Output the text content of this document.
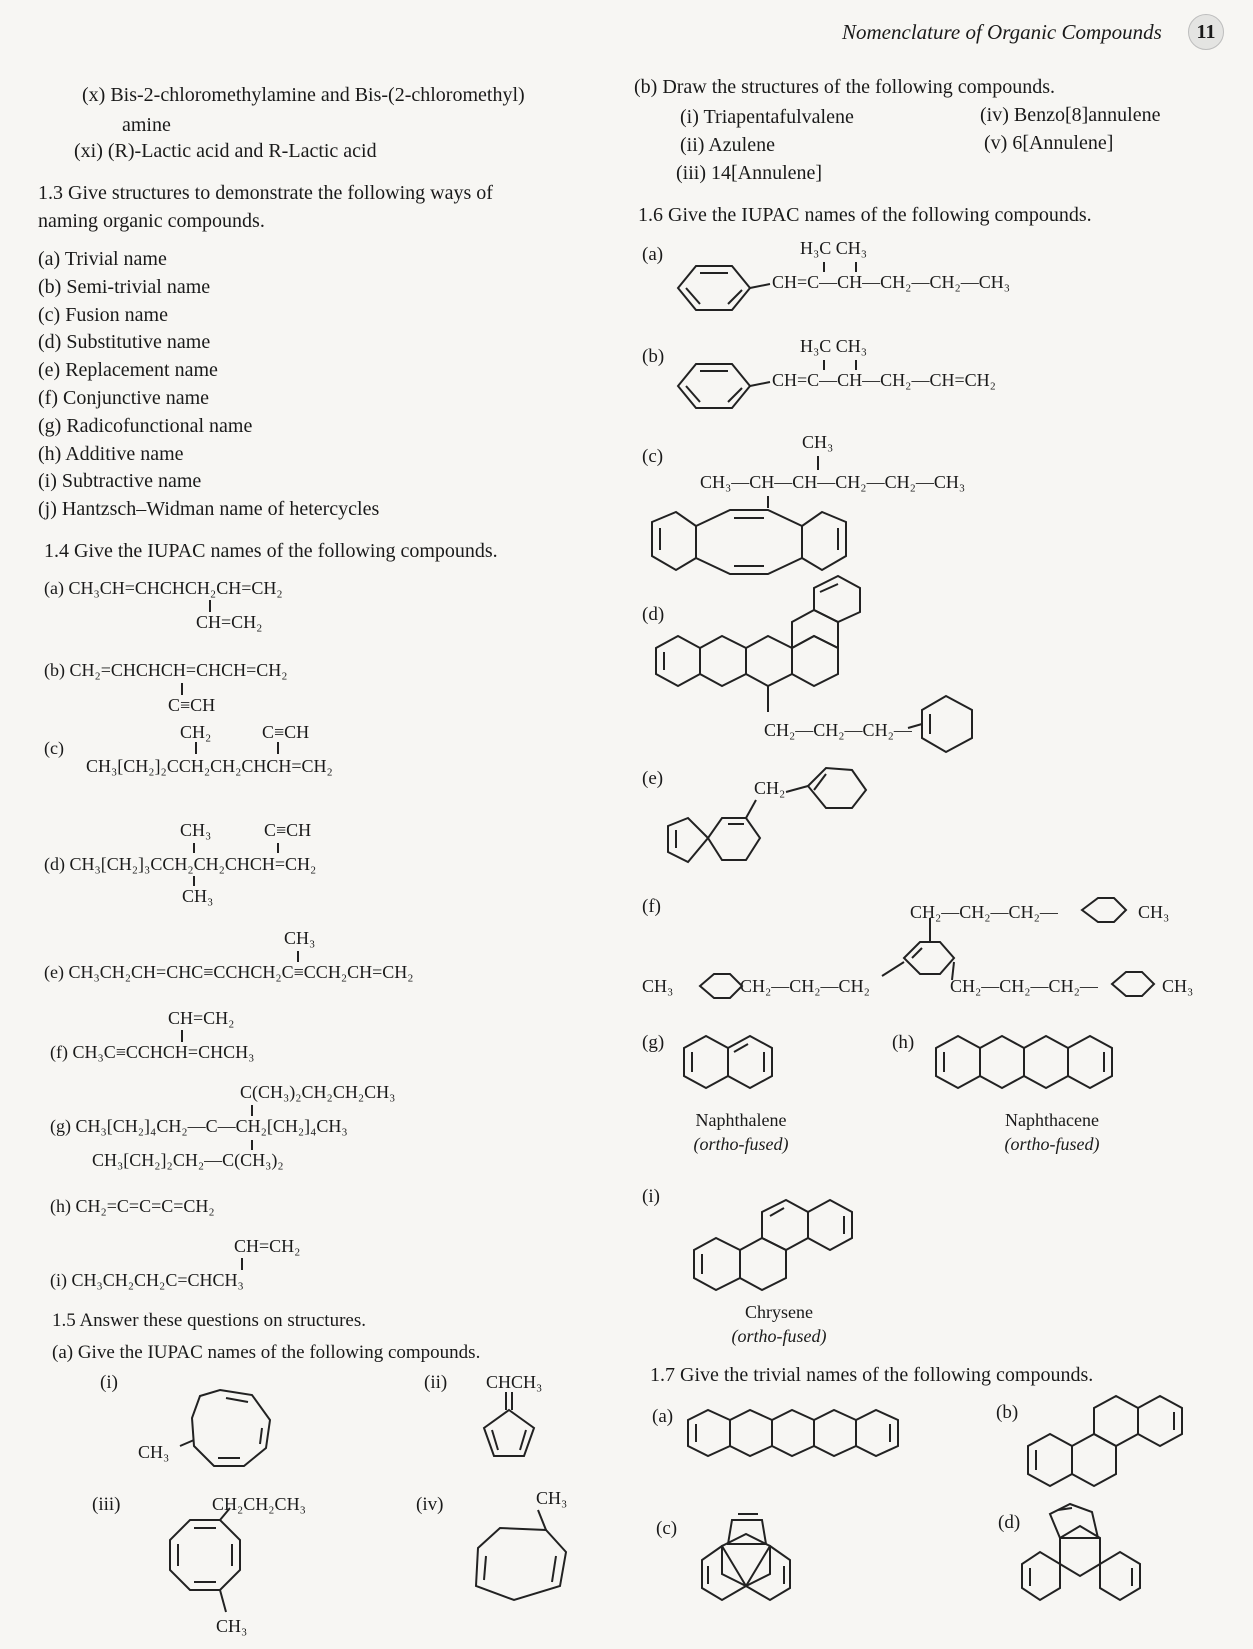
Nomenclature of Organic Compounds	11
(x) Bis-2-chloromethylamine and Bis-(2-chloromethyl)
amine
(xi) (R)-Lactic acid and R-Lactic acid
1.3 Give structures to demonstrate the following ways of
naming organic compounds.
(a) Trivial name
(b) Semi-trivial name
(c) Fusion name
(d) Substitutive name
(e) Replacement name
(f) Conjunctive name
(g) Radicofunctional name
(h) Additive name
(i) Subtractive name
(j) Hantzsch–Widman name of hetercycles
1.4 Give the IUPAC names of the following compounds.
(a) CH₃CH=CHCHCH₂CH=CH₂
CH=CH₂
(b) CH₂=CHCHCH=CHCH=CH₂
C≡CH
(c)
CH₂	C≡CH
CH₃[CH₂]₂CCH₂CH₂CHCH=CH₂
CH₃	C≡CH
(d) CH₃[CH₂]₃CCH₂CH₂CHCH=CH₂
CH₃
CH₃
(e) CH₃CH₂CH=CHC≡CCHCH₂C≡CCH₂CH=CH₂
CH=CH₂
(f) CH₃C≡CCHCH=CHCH₃
C(CH₃)₂CH₂CH₂CH₃
(g) CH₃[CH₂]₄CH₂—C—CH₂[CH₂]₄CH₃
CH₃[CH₂]₂CH₂—C(CH₃)₂
(h) CH₂=C=C=C=CH₂
CH=CH₂
(i) CH₃CH₂CH₂C=CHCH₃
1.5 Answer these questions on structures.
(a) Give the IUPAC names of the following compounds.
(i)
CH₃
(ii) CHCH₃
(iii)	CH₂CH₂CH₃
CH₃
(iv)	CH₃
(b) Draw the structures of the following compounds.
(i) Triapentafulvalene
(ii) Azulene
(iii) 14[Annulene]
(iv) Benzo[8]annulene
(v) 6[Annulene]
1.6 Give the IUPAC names of the following compounds.
(a)	H₃C CH₃
CH=C—CH—CH₂—CH₂—CH₃
(b)	H₃C CH₃
CH=C—CH—CH₂—CH=CH₂
(c)
CH₃
CH₃—CH—CH—CH₂—CH₂—CH₃
(d)
CH₂—CH₂—CH₂—
(e)	CH₂
(f)	CH₂—CH₂—CH₂—	CH₃
CH₃	CH₂—CH₂—CH₂	CH₂—CH₂—CH₂—	CH₃
(g)	(h)
Naphthalene
(ortho-fused)
Naphthacene
(ortho-fused)
(i)
Chrysene
(ortho-fused)
1.7 Give the trivial names of the following compounds.
(a)	(b)
(c)	(d)
